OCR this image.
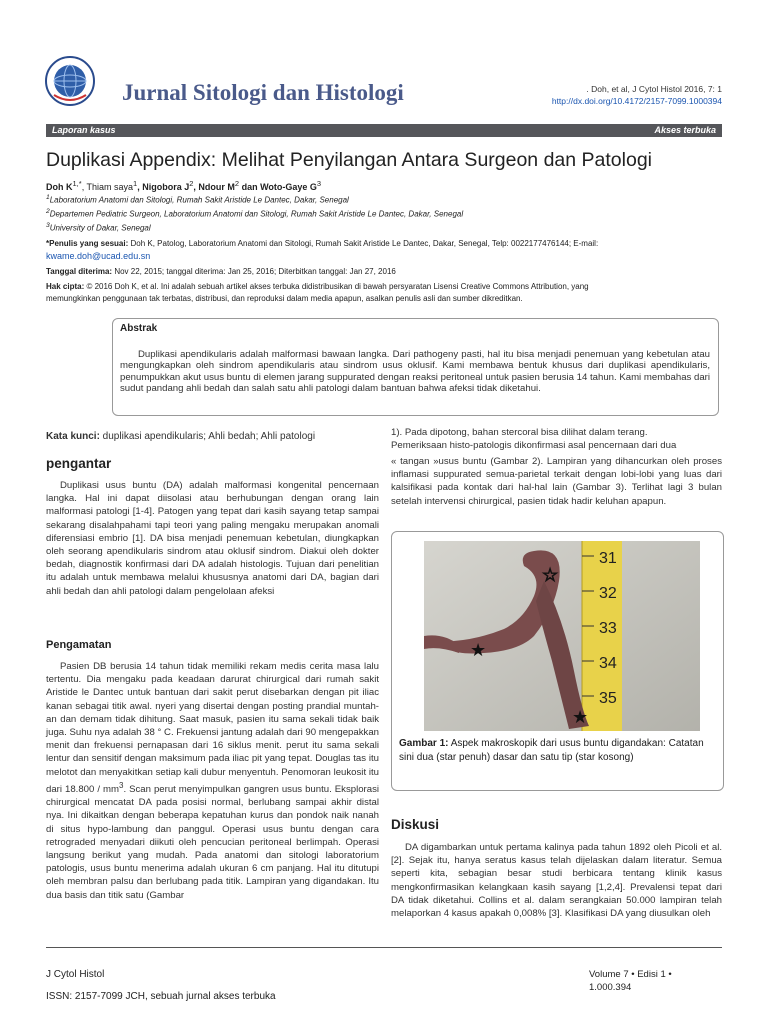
Jurnal Sitologi dan Histologi	. Doh, et al, J Cytol Histol 2016, 7: 1
http://dx.doi.org/10.4172/2157-7099.1000394
Laporan kasus	Akses terbuka
Duplikasi Appendix: Melihat Penyilangan Antara Surgeon dan Patologi
Doh $K^{1,*}$, Thiam saya$^1$, Nigobora $J^2$, Ndour $M^2$ dan Woto-Gaye $G^3$
$^1$Laboratorium Anatomi dan Sitologi, Rumah Sakit Aristide Le Dantec, Dakar, Senegal
$^2$Departemen Pediatric Surgeon, Laboratorium Anatomi dan Sitologi, Rumah Sakit Aristide Le Dantec, Dakar, Senegal
$^3$University of Dakar, Senegal
*Penulis yang sesuai: Doh K, Patolog, Laboratorium Anatomi dan Sitologi, Rumah Sakit Aristide Le Dantec, Dakar, Senegal, Telp: 0022177476144; E-mail:
kwame.doh@ucad.edu.sn
Tanggal diterima: Nov 22, 2015; tanggal diterima: Jan 25, 2016; Diterbitkan tanggal: Jan 27, 2016
Hak cipta: © 2016 Doh K, et al. Ini adalah sebuah artikel akses terbuka didistribusikan di bawah persyaratan Lisensi Creative Commons Attribution, yang
memungkinkan penggunaan tak terbatas, distribusi, dan reproduksi dalam media apapun, asalkan penulis asli dan sumber dikreditkan.
Abstrak
Duplikasi apendikularis adalah malformasi bawaan langka. Dari pathogeny pasti, hal itu bisa menjadi penemuan yang kebetulan atau mengungkapkan oleh sindrom apendikularis atau sindrom usus oklusif. Kami membawa bentuk khusus dari duplikasi apendikularis, penumpukkan akut usus buntu di elemen jarang suppurated dengan reaksi peritoneal untuk pasien berusia 14 tahun. Kami membahas dari sudut pandang ahli bedah dan salah satu ahli patologi dalam bantuan bahwa afeksi tidak diketahui.
Kata kunci: duplikasi apendikularis; Ahli bedah; Ahli patologi
pengantar
Duplikasi usus buntu (DA) adalah malformasi kongenital pencernaan langka. Hal ini dapat diisolasi atau berhubungan dengan orang lain malformasi patologi [1-4]. Patogen yang tepat dari kasih sayang tetap sampai sekarang disalahpahami tapi teori yang paling mengaku merupakan anomali diferensiasi embrio [1]. DA bisa menjadi penemuan kebetulan, diungkapkan oleh seorang apendikularis sindrom atau oklusif sindrom. Diakui oleh dokter bedah, diagnostik konfirmasi dari DA adalah histologis. Tujuan dari penelitian itu adalah untuk membawa melalui khususnya anatomi dari DA, bagian dari ahli bedah dan ahli patologi dalam pengelolaan afeksi
Pengamatan
Pasien DB berusia 14 tahun tidak memiliki rekam medis cerita masa lalu tertentu. Dia mengaku pada keadaan darurat chirurgical dari rumah sakit Aristide le Dantec untuk bantuan dari sakit perut disebarkan dengan pit iliac kanan sebagai titik awal. nyeri yang disertai dengan posting prandial muntah-an dan demam tidak dihitung. Saat masuk, pasien itu sama sekali tidak baik juga. Suhu nya adalah 38 ° C. Frekuensi jantung adalah dari 90 mengepakkan menit dan frekuensi pernapasan dari 16 siklus menit. perut itu sama sekali lentur dan sensitif dengan maksimum pada iliac pit yang tepat. Douglas tas itu melotot dan menyakitkan setiap kali dubur menyentuh. Penomoran leukosit itu dari $18.800 / mm^3$. Scan perut menyimpulkan gangren usus buntu. Eksplorasi chirurgical mencatat DA pada posisi normal, berlubang sampai akhir distal nya. Ini dikaitkan dengan beberapa kepatuhan kurus dan pondok naik nanah di situs hypo-lambung dan panggul. Operasi usus buntu dengan cara retrograded menyadari diikuti oleh pencucian peritoneal berlimpah. Operasi langsung berikut yang mudah. Pada anatomi dan sitologi laboratorium patologis, usus buntu menerima adalah ukuran 6 cm panjang. Hal itu ditutupi oleh membran palsu dan berlubang pada titik. Lampiran yang digandakan. Itu dua basis dan titik satu (Gambar
1). Pada dipotong, bahan stercoral bisa dilihat dalam terang.
Pemeriksaan histo-patologis dikonfirmasi asal pencernaan dari dua
« tangan »usus buntu (Gambar 2). Lampiran yang dihancurkan oleh proses inflamasi suppurated semua-parietal terkait dengan lobi-lobi yang luas dari kalsifikasi pada kontak dari hal-hal lain (Gambar 3). Terlihat lagi 3 bulan setelah intervensi chirurgical, pasien tidak hadir keluhan apapun.
31
32
33
34
35
☆
★
★
Gambar 1: Aspek makroskopik dari usus buntu digandakan: Catatan sini dua (star penuh) dasar dan satu tip (star kosong)
Diskusi
DA digambarkan untuk pertama kalinya pada tahun 1892 oleh Picoli et al. [2]. Sejak itu, hanya seratus kasus telah dijelaskan dalam literatur. Semua seperti kita, sebagian besar studi berbicara tentang klinik kasus mengkonfirmasikan kelangkaan kasih sayang [1,2,4]. Prevalensi tepat dari DA tidak diketahui. Collins et al. dalam serangkaian 50.000 lampiran telah melaporkan 4 kasus apakah 0,008% [3]. Klasifikasi DA yang diusulkan oleh
J Cytol Histol
ISSN: 2157-7099 JCH, sebuah jurnal akses terbuka
Volume 7 • Edisi 1 •
1.000.394
